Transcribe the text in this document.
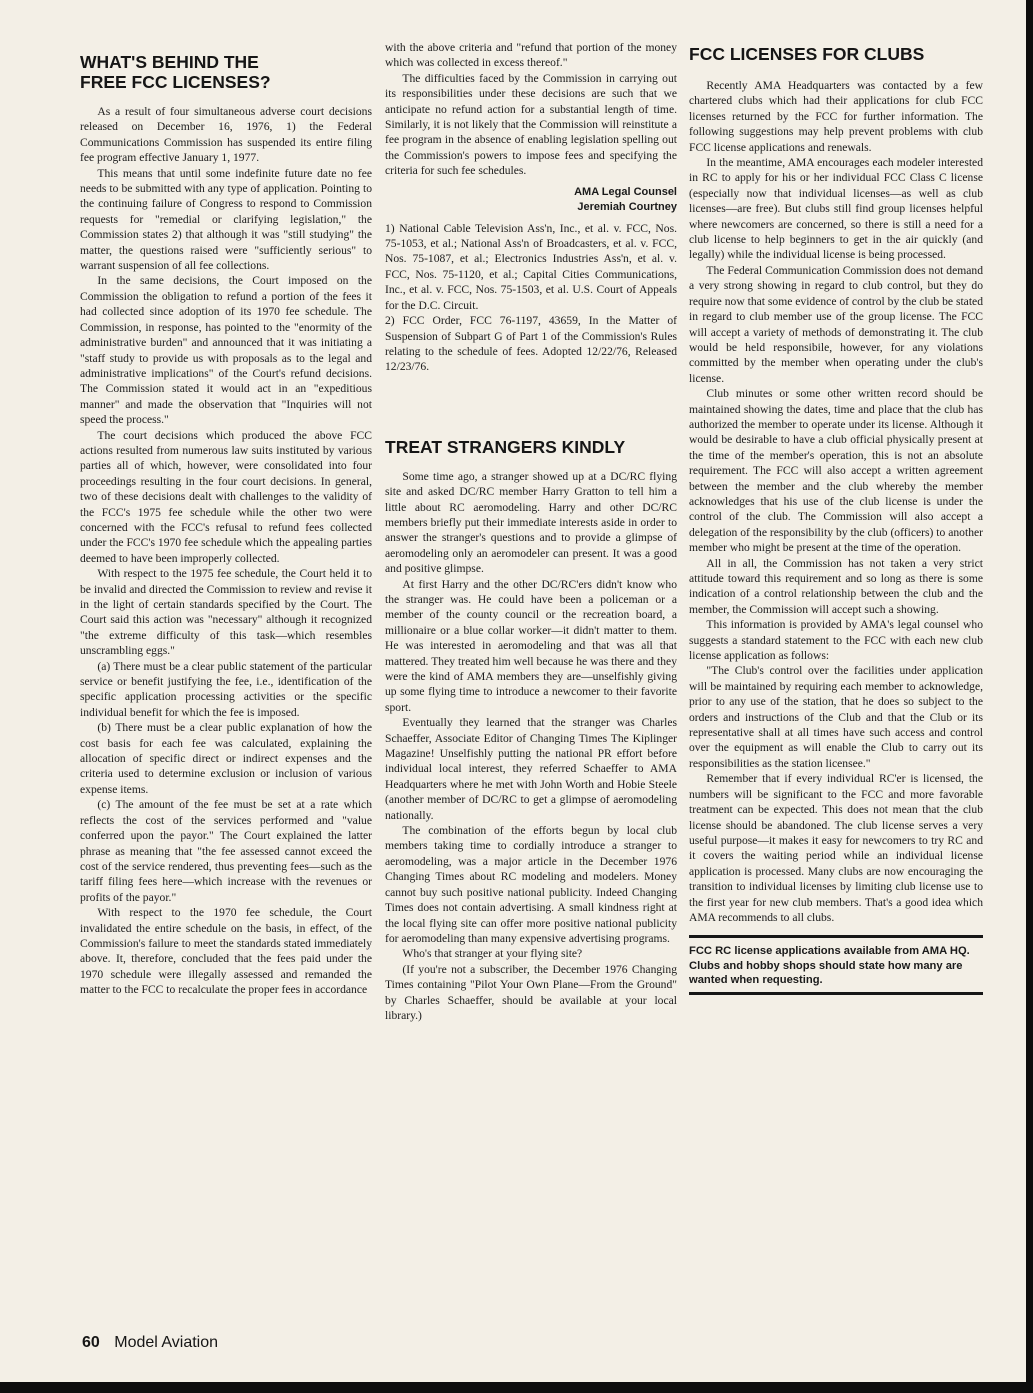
WHAT'S BEHIND THE
FREE FCC LICENSES?

As a result of four simultaneous adverse court decisions released on December 16, 1976, 1) the Federal Communications Commission has suspended its entire filing fee program effective January 1, 1977.

This means that until some indefinite future date no fee needs to be submitted with any type of application. Pointing to the continuing failure of Congress to respond to Commission requests for "remedial or clarifying legislation," the Commission states 2) that although it was "still studying" the matter, the questions raised were "sufficiently serious" to warrant suspension of all fee collections.

In the same decisions, the Court imposed on the Commission the obligation to refund a portion of the fees it had collected since adoption of its 1970 fee schedule. The Commission, in response, has pointed to the "enormity of the administrative burden" and announced that it was initiating a "staff study to provide us with proposals as to the legal and administrative implications" of the Court's refund decisions. The Commission stated it would act in an "expeditious manner" and made the observation that "Inquiries will not speed the process."

The court decisions which produced the above FCC actions resulted from numerous law suits instituted by various parties all of which, however, were consolidated into four proceedings resulting in the four court decisions. In general, two of these decisions dealt with challenges to the validity of the FCC's 1975 fee schedule while the other two were concerned with the FCC's refusal to refund fees collected under the FCC's 1970 fee schedule which the appealing parties deemed to have been improperly collected.

With respect to the 1975 fee schedule, the Court held it to be invalid and directed the Commission to review and revise it in the light of certain standards specified by the Court. The Court said this action was "necessary" although it recognized "the extreme difficulty of this task—which resembles unscrambling eggs."

(a) There must be a clear public statement of the particular service or benefit justifying the fee, i.e., identification of the specific application processing activities or the specific individual benefit for which the fee is imposed.

(b) There must be a clear public explanation of how the cost basis for each fee was calculated, explaining the allocation of specific direct or indirect expenses and the criteria used to determine exclusion or inclusion of various expense items.

(c) The amount of the fee must be set at a rate which reflects the cost of the services performed and "value conferred upon the payor." The Court explained the latter phrase as meaning that "the fee assessed cannot exceed the cost of the service rendered, thus preventing fees—such as the tariff filing fees here—which increase with the revenues or profits of the payor."

With respect to the 1970 fee schedule, the Court invalidated the entire schedule on the basis, in effect, of the Commission's failure to meet the standards stated immediately above. It, therefore, concluded that the fees paid under the 1970 schedule were illegally assessed and remanded the matter to the FCC to recalculate the proper fees in accordance

with the above criteria and "refund that portion of the money which was collected in excess thereof."

The difficulties faced by the Commission in carrying out its responsibilities under these decisions are such that we anticipate no refund action for a substantial length of time. Similarly, it is not likely that the Commission will reinstitute a fee program in the absence of enabling legislation spelling out the Commission's powers to impose fees and specifying the criteria for such fee schedules.

AMA Legal Counsel
Jeremiah Courtney

1) National Cable Television Ass'n, Inc., et al. v. FCC, Nos. 75-1053, et al.; National Ass'n of Broadcasters, et al. v. FCC, Nos. 75-1087, et al.; Electronics Industries Ass'n, et al. v. FCC, Nos. 75-1120, et al.; Capital Cities Communications, Inc., et al. v. FCC, Nos. 75-1503, et al. U.S. Court of Appeals for the D.C. Circuit.

2) FCC Order, FCC 76-1197, 43659, In the Matter of Suspension of Subpart G of Part 1 of the Commission's Rules relating to the schedule of fees. Adopted 12/22/76, Released 12/23/76.

TREAT STRANGERS KINDLY

Some time ago, a stranger showed up at a DC/RC flying site and asked DC/RC member Harry Gratton to tell him a little about RC aeromodeling. Harry and other DC/RC members briefly put their immediate interests aside in order to answer the stranger's questions and to provide a glimpse of aeromodeling only an aeromodeler can present. It was a good and positive glimpse.

At first Harry and the other DC/RC'ers didn't know who the stranger was. He could have been a policeman or a member of the county council or the recreation board, a millionaire or a blue collar worker—it didn't matter to them. He was interested in aeromodeling and that was all that mattered. They treated him well because he was there and they were the kind of AMA members they are—unselfishly giving up some flying time to introduce a newcomer to their favorite sport.

Eventually they learned that the stranger was Charles Schaeffer, Associate Editor of Changing Times The Kiplinger Magazine! Unselfishly putting the national PR effort before individual local interest, they referred Schaeffer to AMA Headquarters where he met with John Worth and Hobie Steele (another member of DC/RC to get a glimpse of aeromodeling nationally.

The combination of the efforts begun by local club members taking time to cordially introduce a stranger to aeromodeling, was a major article in the December 1976 Changing Times about RC modeling and modelers. Money cannot buy such positive national publicity. Indeed Changing Times does not contain advertising. A small kindness right at the local flying site can offer more positive national publicity for aeromodeling than many expensive advertising programs.

Who's that stranger at your flying site?

(If you're not a subscriber, the December 1976 Changing Times containing "Pilot Your Own Plane—From the Ground" by Charles Schaeffer, should be available at your local library.)

FCC LICENSES FOR CLUBS

Recently AMA Headquarters was contacted by a few chartered clubs which had their applications for club FCC licenses returned by the FCC for further information. The following suggestions may help prevent problems with club FCC license applications and renewals.

In the meantime, AMA encourages each modeler interested in RC to apply for his or her individual FCC Class C license (especially now that individual licenses—as well as club licenses—are free). But clubs still find group licenses helpful where newcomers are concerned, so there is still a need for a club license to help beginners to get in the air quickly (and legally) while the individual license is being processed.

The Federal Communication Commission does not demand a very strong showing in regard to club control, but they do require now that some evidence of control by the club be stated in regard to club member use of the group license. The FCC will accept a variety of methods of demonstrating it. The club would be held responsibile, however, for any violations committed by the member when operating under the club's license.

Club minutes or some other written record should be maintained showing the dates, time and place that the club has authorized the member to operate under its license. Although it would be desirable to have a club official physically present at the time of the member's operation, this is not an absolute requirement. The FCC will also accept a written agreement between the member and the club whereby the member acknowledges that his use of the club license is under the control of the club. The Commission will also accept a delegation of the responsibility by the club (officers) to another member who might be present at the time of the operation.

All in all, the Commission has not taken a very strict attitude toward this requirement and so long as there is some indication of a control relationship between the club and the member, the Commission will accept such a showing.

This information is provided by AMA's legal counsel who suggests a standard statement to the FCC with each new club license application as follows:

"The Club's control over the facilities under application will be maintained by requiring each member to acknowledge, prior to any use of the station, that he does so subject to the orders and instructions of the Club and that the Club or its representative shall at all times have such access and control over the equipment as will enable the Club to carry out its responsibilities as the station licensee."

Remember that if every individual RC'er is licensed, the numbers will be significant to the FCC and more favorable treatment can be expected. This does not mean that the club license should be abandoned. The club license serves a very useful purpose—it makes it easy for newcomers to try RC and it covers the waiting period while an individual license application is processed. Many clubs are now encouraging the transition to individual licenses by limiting club license use to the first year for new club members. That's a good idea which AMA recommends to all clubs.

FCC RC license applications available from AMA HQ. Clubs and hobby shops should state how many are wanted when requesting.
60 Model Aviation
